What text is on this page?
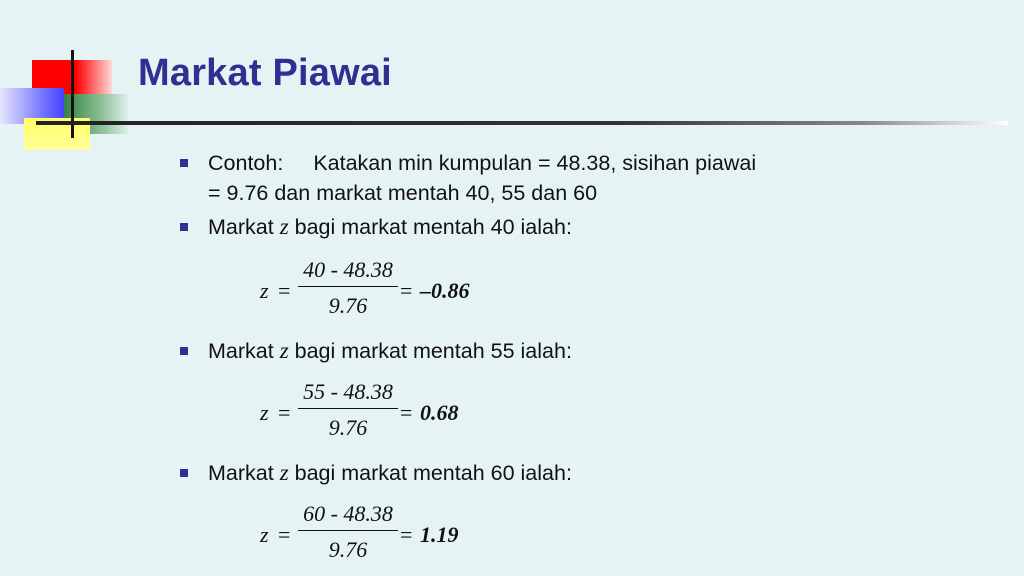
Markat Piawai
Contoh: Katakan min kumpulan = 48.38, sisihan piawai
= 9.76 dan markat mentah 40, 55 dan 60
Markat z bagi markat mentah 40 ialah:
z =
40 - 48.38
9.76
= –0.86
Markat z bagi markat mentah 55 ialah:
z =
55 - 48.38
9.76
= 0.68
Markat z bagi markat mentah 60 ialah:
z =
60 - 48.38
9.76
= 1.19
